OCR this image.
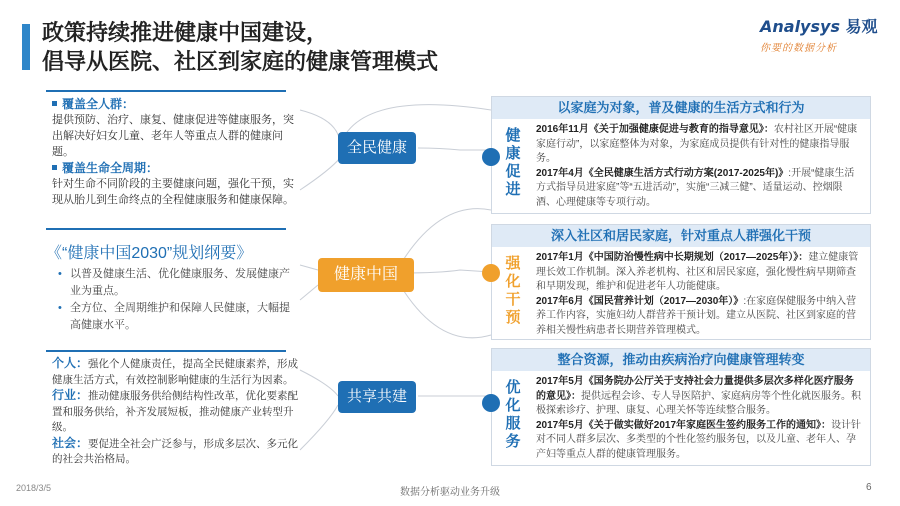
政策持续推进健康中国建设，
倡导从医院、社区到家庭的健康管理模式
Analysys 易观
你要的数据分析
覆盖全人群：
提供预防、治疗、康复、健康促进等健康服务，突出解决好妇女儿童、老年人等重点人群的健康问题。
覆盖生命全周期：
针对生命不同阶段的主要健康问题，强化干预，实现从胎儿到生命终点的全程健康服务和健康保障。
《“健康中国2030”规划纲要》
• 以普及健康生活、优化健康服务、发展健康产业为重点。
• 全方位、全周期维护和保障人民健康，大幅提高健康水平。
个人：强化个人健康责任，提高全民健康素养，形成健康生活方式，有效控制影响健康的生活行为因素。
行业：推动健康服务供给侧结构性改革，优化要素配置和服务供给，补齐发展短板，推动健康产业转型升级。
社会：要促进全社会广泛参与，形成多层次、多元化的社会共治格局。
全民健康
健康中国
共享共建
以家庭为对象，普及健康的生活方式和行为
健康促进
2016年11月《关于加强健康促进与教育的指导意见》：农村社区开展“健康家庭行动”，以家庭整体为对象，为家庭成员提供有针对性的健康指导服务。
2017年4月《全民健康生活方式行动方案(2017-2025年)》:开展“健康生活方式指导员进家庭”等“五进活动”，实施“三减三健”、适量运动、控烟限酒、心理健康等专项行动。
深入社区和居民家庭，针对重点人群强化干预
强化干预
2017年1月《中国防治慢性病中长期规划（2017—2025年）》：建立健康管理长效工作机制。深入养老机构、社区和居民家庭，强化慢性病早期筛查和早期发现，维护和促进老年人功能健康。
2017年6月《国民营养计划（2017—2030年）》:在家庭保健服务中纳入营养工作内容，实施妇幼人群营养干预计划。建立从医院、社区到家庭的营养相关慢性病患者长期营养管理模式。
整合资源，推动由疾病治疗向健康管理转变
优化服务
2017年5月《国务院办公厅关于支持社会力量提供多层次多样化医疗服务的意见》：提供远程会诊、专人导医陪护、家庭病房等个性化就医服务。积极探索诊疗、护理、康复、心理关怀等连续整合服务。
2017年5月《关于做实做好2017年家庭医生签约服务工作的通知》：设计针对不同人群多层次、多类型的个性化签约服务包，以及儿童、老年人、孕产妇等重点人群的健康管理服务。
2018/3/5	数据分析驱动业务升级	6
